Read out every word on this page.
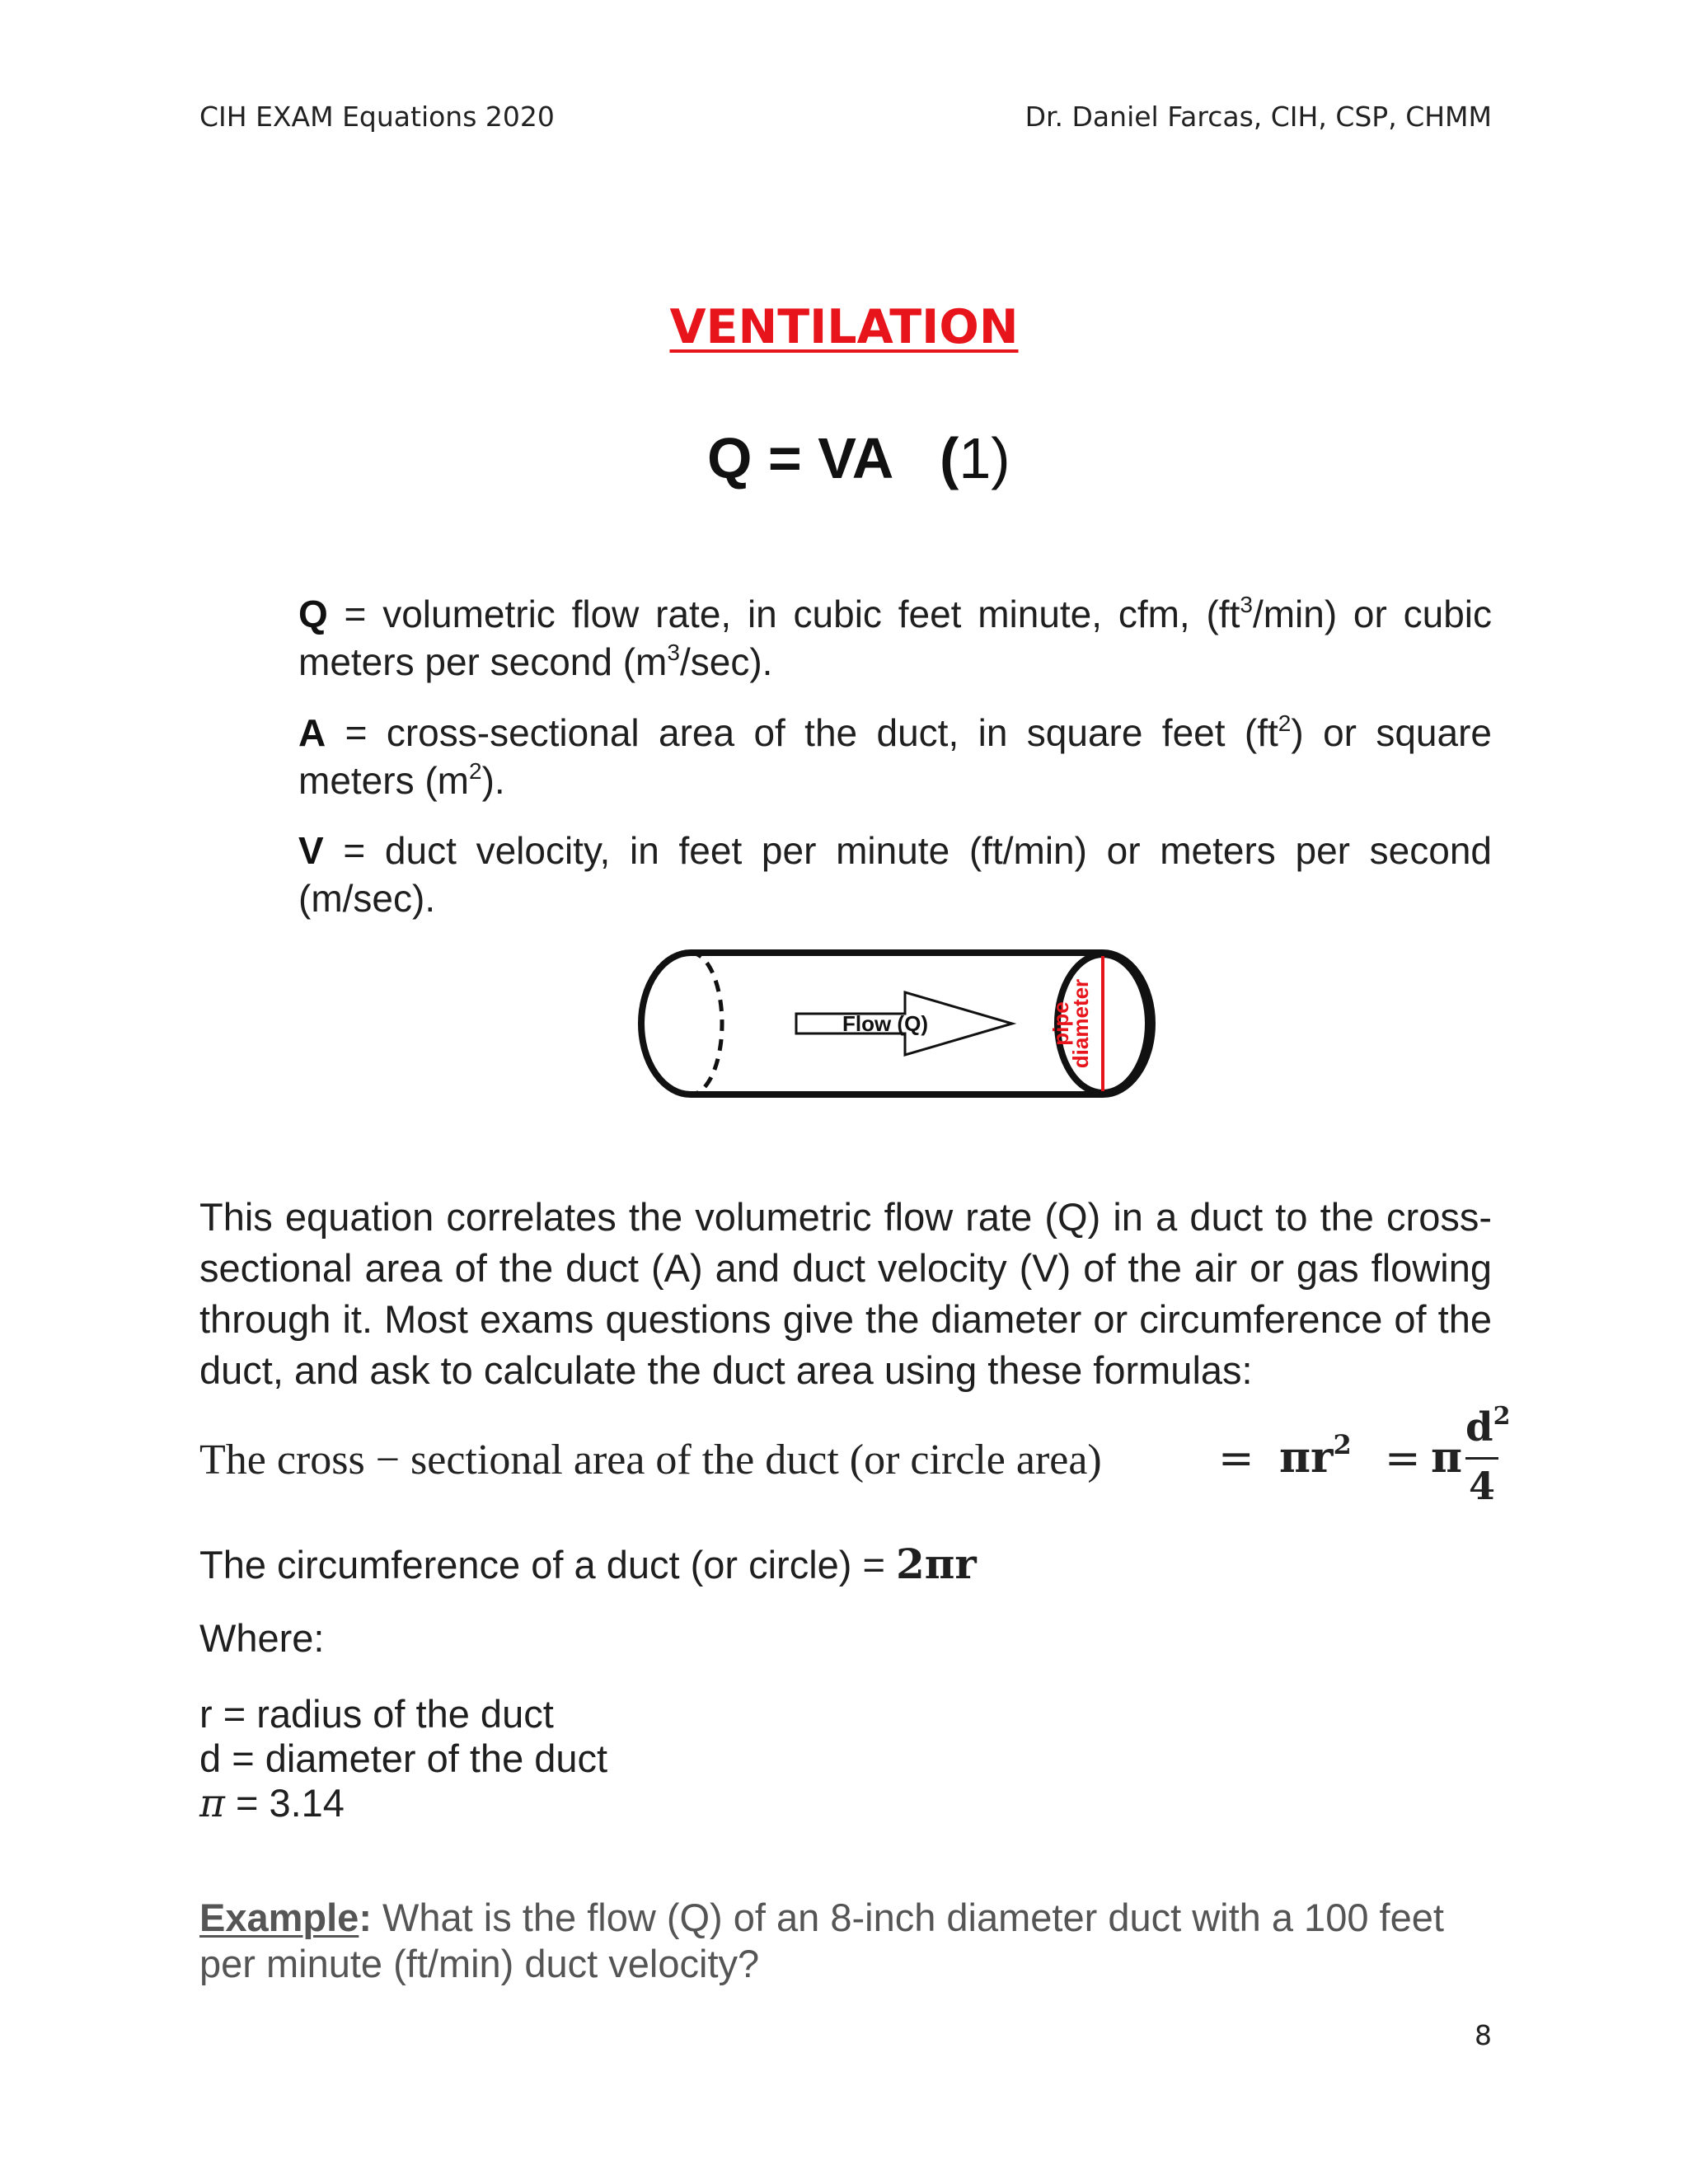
CIH EXAM Equations 2020	Dr. Daniel Farcas, CIH, CSP, CHMM
VENTILATION
Q = VA (1)
Q = volumetric flow rate, in cubic feet minute, cfm, $(ft^3/\min)$ or cubic meters per second $(m^3/\sec)$.
A = cross-sectional area of the duct, in square feet $(ft^2)$ or square meters $(m^2)$.
V = duct velocity, in feet per minute (ft/min) or meters per second (m/sec).
pipe
diameter
Flow (Q)
This equation correlates the volumetric flow rate (Q) in a duct to the cross-sectional area of the duct (A) and duct velocity (V) of the air or gas flowing through it. Most exams questions give the diameter or circumference of the duct, and ask to calculate the duct area using these formulas:
The cross − sectional area of the duct (or circle area)	= $\pi r^2 = \pi$
$d^2$
4
The circumference of a duct (or circle) = 2πr
Where:
r = radius of the duct
d = diameter of the duct
π = 3.14
Example: What is the flow (Q) of an 8-inch diameter duct with a 100 feet per minute (ft/min) duct velocity?
8
